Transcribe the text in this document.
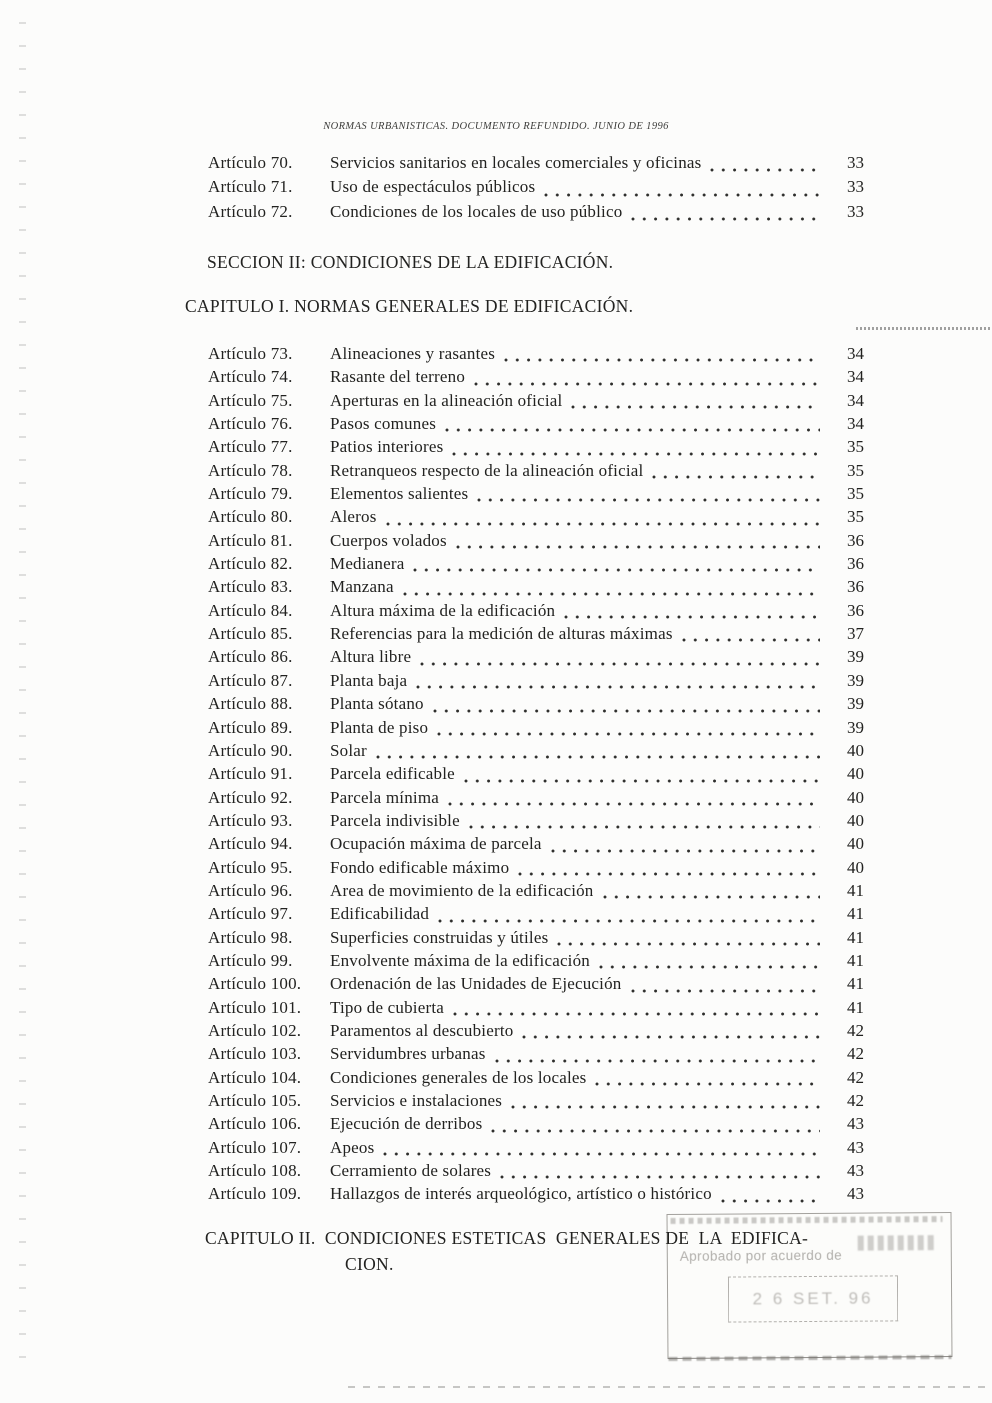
NORMAS URBANISTICAS. DOCUMENTO REFUNDIDO. JUNIO DE 1996
Artículo 70.	Servicios sanitarios en locales comerciales y oficinas	33
Artículo 71.	Uso de espectáculos públicos	33
Artículo 72.	Condiciones de los locales de uso público	33
SECCION II: CONDICIONES DE LA EDIFICACIÓN.
CAPITULO I. NORMAS GENERALES DE EDIFICACIÓN.
Artículo 73.	Alineaciones y rasantes	34
Artículo 74.	Rasante del terreno	34
Artículo 75.	Aperturas en la alineación oficial	34
Artículo 76.	Pasos comunes	34
Artículo 77.	Patios interiores	35
Artículo 78.	Retranqueos respecto de la alineación oficial	35
Artículo 79.	Elementos salientes	35
Artículo 80.	Aleros	35
Artículo 81.	Cuerpos volados	36
Artículo 82.	Medianera	36
Artículo 83.	Manzana	36
Artículo 84.	Altura máxima de la edificación	36
Artículo 85.	Referencias para la medición de alturas máximas	37
Artículo 86.	Altura libre	39
Artículo 87.	Planta baja	39
Artículo 88.	Planta sótano	39
Artículo 89.	Planta de piso	39
Artículo 90.	Solar	40
Artículo 91.	Parcela edificable	40
Artículo 92.	Parcela mínima	40
Artículo 93.	Parcela indivisible	40
Artículo 94.	Ocupación máxima de parcela	40
Artículo 95.	Fondo edificable máximo	40
Artículo 96.	Area de movimiento de la edificación	41
Artículo 97.	Edificabilidad	41
Artículo 98.	Superficies construidas y útiles	41
Artículo 99.	Envolvente máxima de la edificación	41
Artículo 100.	Ordenación de las Unidades de Ejecución	41
Artículo 101.	Tipo de cubierta	41
Artículo 102.	Paramentos al descubierto	42
Artículo 103.	Servidumbres urbanas	42
Artículo 104.	Condiciones generales de los locales	42
Artículo 105.	Servicios e instalaciones	42
Artículo 106.	Ejecución de derribos	43
Artículo 107.	Apeos	43
Artículo 108.	Cerramiento de solares	43
Artículo 109.	Hallazgos de interés arqueológico, artístico o histórico	43
Aprobado por acuerdo de
2 6 SET. 96
CAPITULO II.  CONDICIONES ESTETICAS  GENERALES DE  LA  EDIFICA-
CION.
